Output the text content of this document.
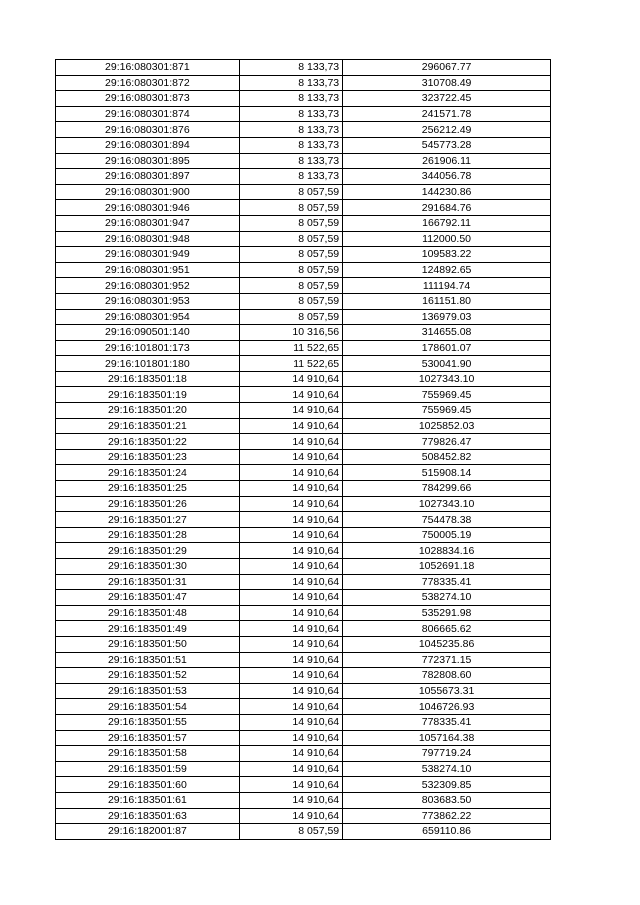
29:16:080301:871	8 133,73	296067.77
29:16:080301:872	8 133,73	310708.49
29:16:080301:873	8 133,73	323722.45
29:16:080301:874	8 133,73	241571.78
29:16:080301:876	8 133,73	256212.49
29:16:080301:894	8 133,73	545773.28
29:16:080301:895	8 133,73	261906.11
29:16:080301:897	8 133,73	344056.78
29:16:080301:900	8 057,59	144230.86
29:16:080301:946	8 057,59	291684.76
29:16:080301:947	8 057,59	166792.11
29:16:080301:948	8 057,59	112000.50
29:16:080301:949	8 057,59	109583.22
29:16:080301:951	8 057,59	124892.65
29:16:080301:952	8 057,59	111194.74
29:16:080301:953	8 057,59	161151.80
29:16:080301:954	8 057,59	136979.03
29:16:090501:140	10 316,56	314655.08
29:16:101801:173	11 522,65	178601.07
29:16:101801:180	11 522,65	530041.90
29:16:183501:18	14 910,64	1027343.10
29:16:183501:19	14 910,64	755969.45
29:16:183501:20	14 910,64	755969.45
29:16:183501:21	14 910,64	1025852.03
29:16:183501:22	14 910,64	779826.47
29:16:183501:23	14 910,64	508452.82
29:16:183501:24	14 910,64	515908.14
29:16:183501:25	14 910,64	784299.66
29:16:183501:26	14 910,64	1027343.10
29:16:183501:27	14 910,64	754478.38
29:16:183501:28	14 910,64	750005.19
29:16:183501:29	14 910,64	1028834.16
29:16:183501:30	14 910,64	1052691.18
29:16:183501:31	14 910,64	778335.41
29:16:183501:47	14 910,64	538274.10
29:16:183501:48	14 910,64	535291.98
29:16:183501:49	14 910,64	806665.62
29:16:183501:50	14 910,64	1045235.86
29:16:183501:51	14 910,64	772371.15
29:16:183501:52	14 910,64	782808.60
29:16:183501:53	14 910,64	1055673.31
29:16:183501:54	14 910,64	1046726.93
29:16:183501:55	14 910,64	778335.41
29:16:183501:57	14 910,64	1057164.38
29:16:183501:58	14 910,64	797719.24
29:16:183501:59	14 910,64	538274.10
29:16:183501:60	14 910,64	532309.85
29:16:183501:61	14 910,64	803683.50
29:16:183501:63	14 910,64	773862.22
29:16:182001:87	8 057,59	659110.86
